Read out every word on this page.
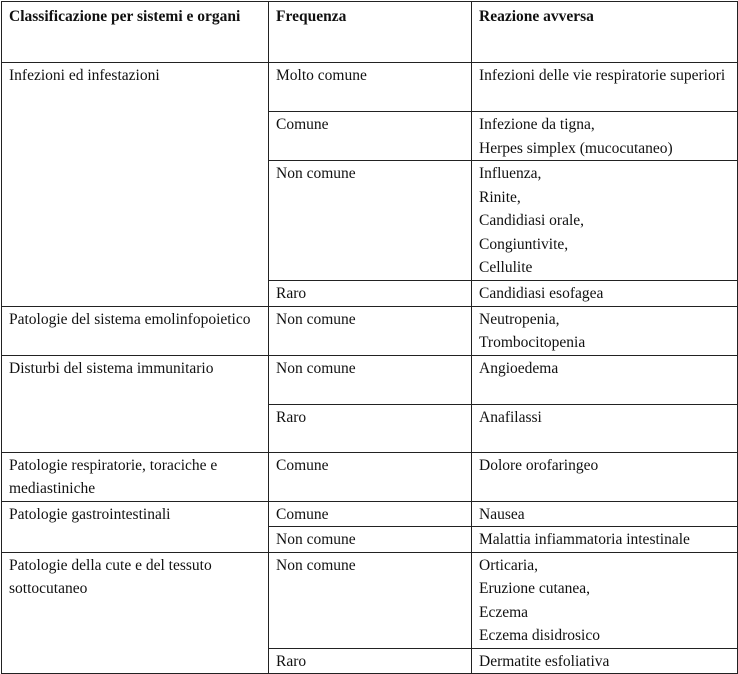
Classificazione per sistemi e organi	Frequenza	Reazione avversa
Infezioni ed infestazioni	Molto comune	Infezioni delle vie respiratorie superiori

	Comune	Infezione da tigna,
Herpes simplex (mucocutaneo)

	Non comune	Influenza,
Rinite,
Candidiasi orale,
Congiuntivite,
Cellulite

	Raro	Candidiasi esofagea

Patologie del sistema emolinfopoietico	Non comune	Neutropenia,
Trombocitopenia

Disturbi del sistema immunitario	Non comune	Angioedema

	Raro	Anafilassi

Patologie respiratorie, toraciche e mediastiniche	Comune	Dolore orofaringeo

Patologie gastrointestinali	Comune	Nausea

	Non comune	Malattia infiammatoria intestinale

Patologie della cute e del tessuto sottocutaneo	Non comune	Orticaria,
Eruzione cutanea,
Eczema
Eczema disidrosico

	Raro	Dermatite esfoliativa
